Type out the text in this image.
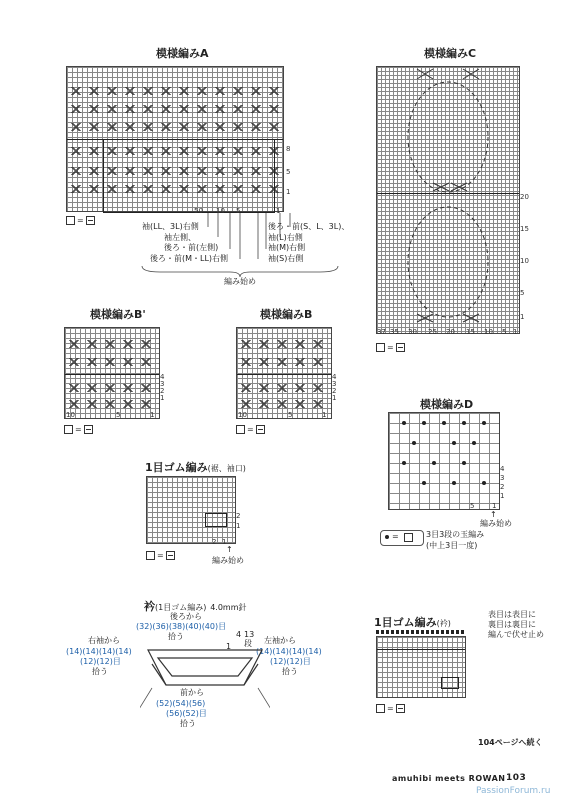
模様編みA
8
5
1
50 10 5	1
=
袖(LL、3L)右側
袖左側、
後ろ・前(左側)
後ろ・前(M・LL)右側
後ろ・前(S、L、3L)、
袖(L)右側
袖(M)右側
袖(S)右側
編み始め
模様編みC
20
15
10
5
1
37 35 30 25 20 15 10 5 1
=
模様編みB'
4
3
2
1
10	5	1
=
模様編みB
4
3
2
1
10	5	1
=
模様編みD
4
3
2
1
5	1
↑
編み始め
=	3目3段の玉編み
(中上3目一度)
1目ゴム編み(裾、袖口)
2
1
2 1
=
↑
編み始め
衿(1目ゴム編み) 4.0mm針
後ろから
(32)(36)(38)(40)(40)目
拾う
右袖から
(14)(14)(14)(14)
(12)(12)目
拾う
左袖から
(14)(14)(14)(14)
(12)(12)目
拾う
4
1
13段
前から
(52)(54)(56)
(56)(52)目
拾う
1目ゴム編み(衿)
表目は表目に
裏目は裏目に
編んで伏せ止め
=
104ページへ続く
amuhibi meets ROWAN 103
PassionForum.ru
